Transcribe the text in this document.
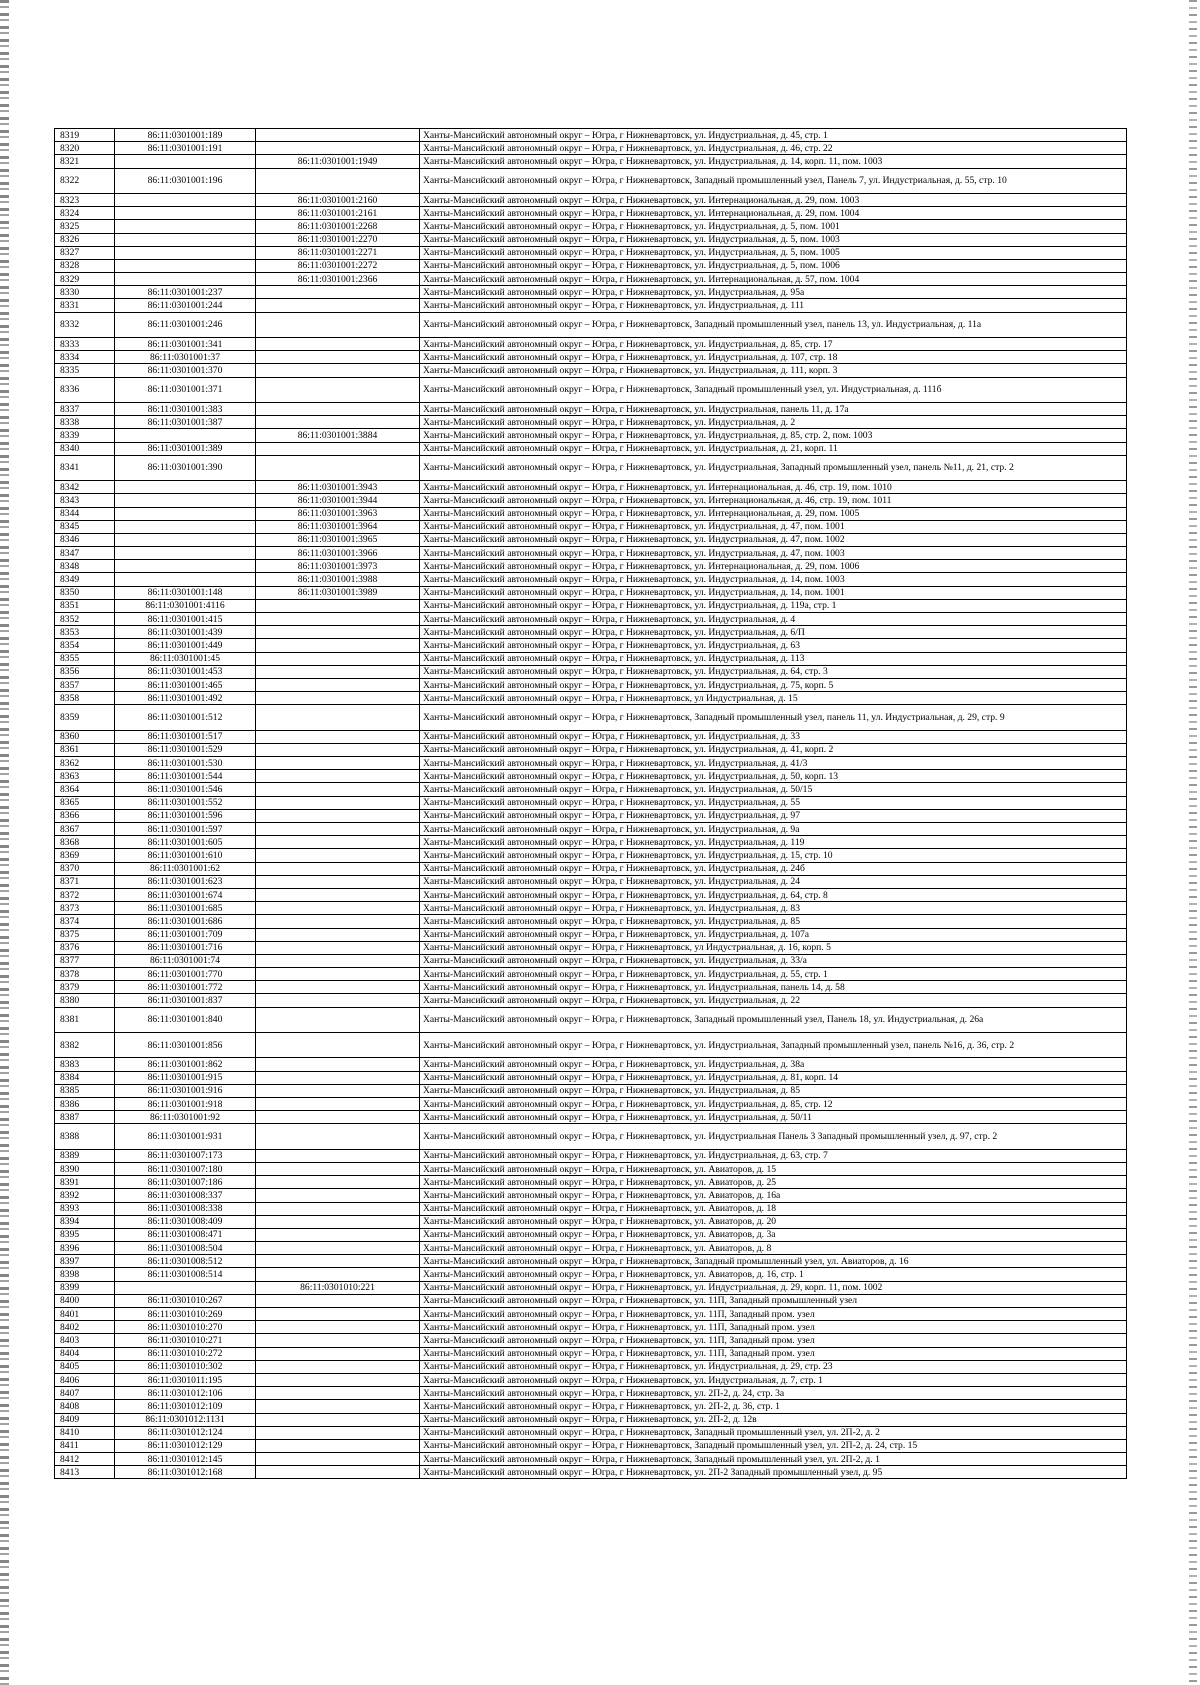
8319	86:11:0301001:189		Ханты-Мансийский автономный округ – Югра, г Нижневартовск, ул. Индустриальная, д. 45, стр. 1
8320	86:11:0301001:191		Ханты-Мансийский автономный округ – Югра, г Нижневартовск, ул. Индустриальная, д. 46, стр. 22
8321		86:11:0301001:1949	Ханты-Мансийский автономный округ – Югра, г Нижневартовск, ул. Индустриальная, д. 14, корп. 11, пом. 1003
8322	86:11:0301001:196		Ханты-Мансийский автономный округ – Югра, г Нижневартовск, Западный промышленный узел, Панель 7, ул. Индустриальная, д. 55, стр. 10
8323		86:11:0301001:2160	Ханты-Мансийский автономный округ – Югра, г Нижневартовск, ул. Интернациональная, д. 29, пом. 1003
8324		86:11:0301001:2161	Ханты-Мансийский автономный округ – Югра, г Нижневартовск, ул. Интернациональная, д. 29, пом. 1004
8325		86:11:0301001:2268	Ханты-Мансийский автономный округ – Югра, г Нижневартовск, ул. Индустриальная, д. 5, пом. 1001
8326		86:11:0301001:2270	Ханты-Мансийский автономный округ – Югра, г Нижневартовск, ул. Индустриальная, д. 5, пом. 1003
8327		86:11:0301001:2271	Ханты-Мансийский автономный округ – Югра, г Нижневартовск, ул. Индустриальная, д. 5, пом. 1005
8328		86:11:0301001:2272	Ханты-Мансийский автономный округ – Югра, г Нижневартовск, ул. Индустриальная, д. 5, пом. 1006
8329		86:11:0301001:2366	Ханты-Мансийский автономный округ – Югра, г Нижневартовск, ул. Интернациональная, д. 57, пом. 1004
8330	86:11:0301001:237		Ханты-Мансийский автономный округ – Югра, г Нижневартовск, ул. Индустриальная, д. 95а
8331	86:11:0301001:244		Ханты-Мансийский автономный округ – Югра, г Нижневартовск, ул. Индустриальная, д. 111
8332	86:11:0301001:246		Ханты-Мансийский автономный округ – Югра, г Нижневартовск, Западный промышленный узел, панель 13, ул. Индустриальная, д. 11а
8333	86:11:0301001:341		Ханты-Мансийский автономный округ – Югра, г Нижневартовск, ул. Индустриальная, д. 85, стр. 17
8334	86:11:0301001:37		Ханты-Мансийский автономный округ – Югра, г Нижневартовск, ул. Индустриальная, д. 107, стр. 18
8335	86:11:0301001:370		Ханты-Мансийский автономный округ – Югра, г Нижневартовск, ул. Индустриальная, д. 111, корп. 3
8336	86:11:0301001:371		Ханты-Мансийский автономный округ – Югра, г Нижневартовск, Западный промышленный узел, ул. Индустриальная, д. 111б
8337	86:11:0301001:383		Ханты-Мансийский автономный округ – Югра, г Нижневартовск, ул. Индустриальная, панель 11, д. 17а
8338	86:11:0301001:387		Ханты-Мансийский автономный округ – Югра, г Нижневартовск, ул. Индустриальная, д. 2
8339		86:11:0301001:3884	Ханты-Мансийский автономный округ – Югра, г Нижневартовск, ул. Индустриальная, д. 85, стр. 2, пом. 1003
8340	86:11:0301001:389		Ханты-Мансийский автономный округ – Югра, г Нижневартовск, ул. Индустриальная, д. 21, корп. 11
8341	86:11:0301001:390		Ханты-Мансийский автономный округ – Югра, г Нижневартовск, ул. Индустриальная, Западный промышленный узел, панель №11, д. 21, стр. 2
8342		86:11:0301001:3943	Ханты-Мансийский автономный округ – Югра, г Нижневартовск, ул. Интернациональная, д. 46, стр. 19, пом. 1010
8343		86:11:0301001:3944	Ханты-Мансийский автономный округ – Югра, г Нижневартовск, ул. Интернациональная, д. 46, стр. 19, пом. 1011
8344		86:11:0301001:3963	Ханты-Мансийский автономный округ – Югра, г Нижневартовск, ул. Интернациональная, д. 29, пом. 1005
8345		86:11:0301001:3964	Ханты-Мансийский автономный округ – Югра, г Нижневартовск, ул. Индустриальная, д. 47, пом. 1001
8346		86:11:0301001:3965	Ханты-Мансийский автономный округ – Югра, г Нижневартовск, ул. Индустриальная, д. 47, пом. 1002
8347		86:11:0301001:3966	Ханты-Мансийский автономный округ – Югра, г Нижневартовск, ул. Индустриальная, д. 47, пом. 1003
8348		86:11:0301001:3973	Ханты-Мансийский автономный округ – Югра, г Нижневартовск, ул. Интернациональная, д. 29, пом. 1006
8349		86:11:0301001:3988	Ханты-Мансийский автономный округ – Югра, г Нижневартовск, ул. Индустриальная, д. 14, пом. 1003
8350	86:11:0301001:148	86:11:0301001:3989	Ханты-Мансийский автономный округ – Югра, г Нижневартовск, ул. Индустриальная, д. 14, пом. 1001
8351	86:11:0301001:4116		Ханты-Мансийский автономный округ – Югра, г Нижневартовск, ул. Индустриальная, д. 119а, стр. 1
8352	86:11:0301001:415		Ханты-Мансийский автономный округ – Югра, г Нижневартовск, ул. Индустриальная, д. 4
8353	86:11:0301001:439		Ханты-Мансийский автономный округ – Югра, г Нижневартовск, ул. Индустриальная, д. 6/П
8354	86:11:0301001:449		Ханты-Мансийский автономный округ – Югра, г Нижневартовск, ул. Индустриальная, д. 63
8355	86:11:0301001:45		Ханты-Мансийский автономный округ – Югра, г Нижневартовск, ул. Индустриальная, д. 113
8356	86:11:0301001:453		Ханты-Мансийский автономный округ – Югра, г Нижневартовск, ул. Индустриальная, д. 64, стр. 3
8357	86:11:0301001:465		Ханты-Мансийский автономный округ – Югра, г Нижневартовск, ул. Индустриальная, д. 75, корп. 5
8358	86:11:0301001:492		Ханты-Мансийский автономный округ – Югра, г Нижневартовск, ул Индустриальная, д. 15
8359	86:11:0301001:512		Ханты-Мансийский автономный округ – Югра, г Нижневартовск, Западный промышленный узел, панель 11, ул. Индустриальная, д. 29, стр. 9
8360	86:11:0301001:517		Ханты-Мансийский автономный округ – Югра, г Нижневартовск, ул. Индустриальная, д. 33
8361	86:11:0301001:529		Ханты-Мансийский автономный округ – Югра, г Нижневартовск, ул. Индустриальная, д. 41, корп. 2
8362	86:11:0301001:530		Ханты-Мансийский автономный округ – Югра, г Нижневартовск, ул. Индустриальная, д. 41/3
8363	86:11:0301001:544		Ханты-Мансийский автономный округ – Югра, г Нижневартовск, ул. Индустриальная, д. 50, корп. 13
8364	86:11:0301001:546		Ханты-Мансийский автономный округ – Югра, г Нижневартовск, ул. Индустриальная, д. 50/15
8365	86:11:0301001:552		Ханты-Мансийский автономный округ – Югра, г Нижневартовск, ул. Индустриальная, д. 55
8366	86:11:0301001:596		Ханты-Мансийский автономный округ – Югра, г Нижневартовск, ул. Индустриальная, д. 97
8367	86:11:0301001:597		Ханты-Мансийский автономный округ – Югра, г Нижневартовск, ул. Индустриальная, д. 9а
8368	86:11:0301001:605		Ханты-Мансийский автономный округ – Югра, г Нижневартовск, ул. Индустриальная, д. 119
8369	86:11:0301001:610		Ханты-Мансийский автономный округ – Югра, г Нижневартовск, ул. Индустриальная, д. 15, стр. 10
8370	86:11:0301001:62		Ханты-Мансийский автономный округ – Югра, г Нижневартовск, ул. Индустриальная, д. 24б
8371	86:11:0301001:623		Ханты-Мансийский автономный округ – Югра, г Нижневартовск, ул. Индустриальная, д. 24
8372	86:11:0301001:674		Ханты-Мансийский автономный округ – Югра, г Нижневартовск, ул. Индустриальная, д. 64, стр. 8
8373	86:11:0301001:685		Ханты-Мансийский автономный округ – Югра, г Нижневартовск, ул. Индустриальная, д. 83
8374	86:11:0301001:686		Ханты-Мансийский автономный округ – Югра, г Нижневартовск, ул. Индустриальная, д. 85
8375	86:11:0301001:709		Ханты-Мансийский автономный округ – Югра, г Нижневартовск, ул. Индустриальная, д. 107а
8376	86:11:0301001:716		Ханты-Мансийский автономный округ – Югра, г Нижневартовск, ул Индустриальная, д. 16, корп. 5
8377	86:11:0301001:74		Ханты-Мансийский автономный округ – Югра, г Нижневартовск, ул. Индустриальная, д. 33/а
8378	86:11:0301001:770		Ханты-Мансийский автономный округ – Югра, г Нижневартовск, ул. Индустриальная, д. 55, стр. 1
8379	86:11:0301001:772		Ханты-Мансийский автономный округ – Югра, г Нижневартовск, ул. Индустриальная, панель 14, д. 58
8380	86:11:0301001:837		Ханты-Мансийский автономный округ – Югра, г Нижневартовск, ул. Индустриальная, д. 22
8381	86:11:0301001:840		Ханты-Мансийский автономный округ – Югра, г Нижневартовск, Западный промышленный узел, Панель 18, ул. Индустриальная, д. 26а
8382	86:11:0301001:856		Ханты-Мансийский автономный округ – Югра, г Нижневартовск, ул. Индустриальная, Западный промышленный узел, панель №16, д. 36, стр. 2
8383	86:11:0301001:862		Ханты-Мансийский автономный округ – Югра, г Нижневартовск, ул. Индустриальная, д. 38а
8384	86:11:0301001:915		Ханты-Мансийский автономный округ – Югра, г Нижневартовск, ул. Индустриальная, д. 81, корп. 14
8385	86:11:0301001:916		Ханты-Мансийский автономный округ – Югра, г Нижневартовск, ул. Индустриальная, д. 85
8386	86:11:0301001:918		Ханты-Мансийский автономный округ – Югра, г Нижневартовск, ул. Индустриальная, д. 85, стр. 12
8387	86:11:0301001:92		Ханты-Мансийский автономный округ – Югра, г Нижневартовск, ул. Индустриальная, д. 50/11
8388	86:11:0301001:931		Ханты-Мансийский автономный округ – Югра, г Нижневартовск, ул. Индустриальная Панель 3 Западный промышленный узел, д. 97, стр. 2
8389	86:11:0301007:173		Ханты-Мансийский автономный округ – Югра, г Нижневартовск, ул. Индустриальная, д. 63, стр. 7
8390	86:11:0301007:180		Ханты-Мансийский автономный округ – Югра, г Нижневартовск, ул. Авиаторов, д. 15
8391	86:11:0301007:186		Ханты-Мансийский автономный округ – Югра, г Нижневартовск, ул. Авиаторов, д. 25
8392	86:11:0301008:337		Ханты-Мансийский автономный округ – Югра, г Нижневартовск, ул. Авиаторов, д. 16а
8393	86:11:0301008:338		Ханты-Мансийский автономный округ – Югра, г Нижневартовск, ул. Авиаторов, д. 18
8394	86:11:0301008:409		Ханты-Мансийский автономный округ – Югра, г Нижневартовск, ул. Авиаторов, д. 20
8395	86:11:0301008:471		Ханты-Мансийский автономный округ – Югра, г Нижневартовск, ул. Авиаторов, д. 3а
8396	86:11:0301008:504		Ханты-Мансийский автономный округ – Югра, г Нижневартовск, ул. Авиаторов, д. 8
8397	86:11:0301008:512		Ханты-Мансийский автономный округ – Югра, г Нижневартовск, Западный промышленный узел, ул. Авиаторов, д. 16
8398	86:11:0301008:514		Ханты-Мансийский автономный округ – Югра, г Нижневартовск, ул. Авиаторов, д. 16, стр. 1
8399		86:11:0301010:221	Ханты-Мансийский автономный округ – Югра, г Нижневартовск, ул. Индустриальная, д. 29, корп. 11, пом. 1002
8400	86:11:0301010:267		Ханты-Мансийский автономный округ – Югра, г Нижневартовск, ул. 11П, Западный промышленный узел
8401	86:11:0301010:269		Ханты-Мансийский автономный округ – Югра, г Нижневартовск, ул. 11П, Западный пром. узел
8402	86:11:0301010:270		Ханты-Мансийский автономный округ – Югра, г Нижневартовск, ул. 11П, Западный пром. узел
8403	86:11:0301010:271		Ханты-Мансийский автономный округ – Югра, г Нижневартовск, ул. 11П, Западный пром. узел
8404	86:11:0301010:272		Ханты-Мансийский автономный округ – Югра, г Нижневартовск, ул. 11П, Западный пром. узел
8405	86:11:0301010:302		Ханты-Мансийский автономный округ – Югра, г Нижневартовск, ул. Индустриальная, д. 29, стр. 23
8406	86:11:0301011:195		Ханты-Мансийский автономный округ – Югра, г Нижневартовск, ул. Индустриальная, д. 7, стр. 1
8407	86:11:0301012:106		Ханты-Мансийский автономный округ – Югра, г Нижневартовск, ул. 2П-2, д. 24, стр. 3а
8408	86:11:0301012:109		Ханты-Мансийский автономный округ – Югра, г Нижневартовск, ул. 2П-2, д. 36, стр. 1
8409	86:11:0301012:1131		Ханты-Мансийский автономный округ – Югра, г Нижневартовск, ул. 2П-2, д. 12в
8410	86:11:0301012:124		Ханты-Мансийский автономный округ – Югра, г Нижневартовск, Западный промышленный узел, ул. 2П-2, д. 2
8411	86:11:0301012:129		Ханты-Мансийский автономный округ – Югра, г Нижневартовск, Западный промышленный узел, ул. 2П-2, д. 24, стр. 15
8412	86:11:0301012:145		Ханты-Мансийский автономный округ – Югра, г Нижневартовск, Западный промышленный узел, ул. 2П-2, д. 1
8413	86:11:0301012:168		Ханты-Мансийский автономный округ – Югра, г Нижневартовск, ул. 2П-2 Западный промышленный узел, д. 95
